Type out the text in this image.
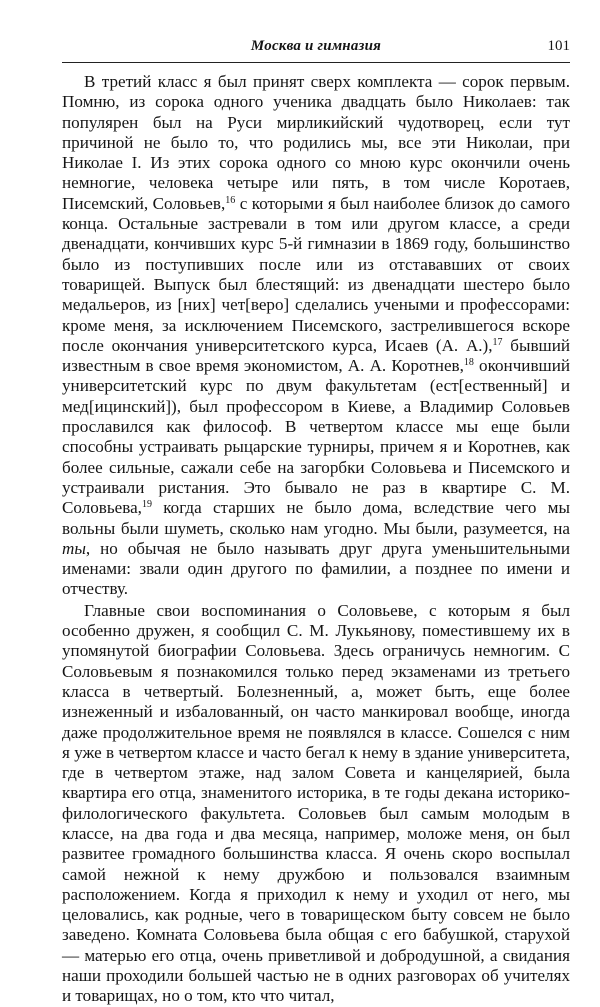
Москва и гимназия	101

В третий класс я был принят сверх комплекта — сорок первым. Помню, из сорока одного ученика двадцать было Николаев: так популярен был на Руси мирликийский чудотворец, если тут причиной не было то, что родились мы, все эти Николаи, при Николае I. Из этих сорока одного со мною курс окончили очень немногие, человека четыре или пять, в том числе Коротаев, Писемский, Соловьев,$^{16}$ с которыми я был наиболее близок до самого конца. Остальные застревали в том или другом классе, а среди двенадцати, кончивших курс 5-й гимназии в 1869 году, большинство было из поступивших после или из отстававших от своих товарищей. Выпуск был блестящий: из двенадцати шестеро было медальеров, из [них] чет[веро] сделались учеными и профессорами: кроме меня, за исключением Писемского, застрелившегося вскоре после окончания университетского курса, Исаев (А. А.),$^{17}$ бывший известным в свое время экономистом, А. А. Коротнев,$^{18}$ окончивший университетский курс по двум факультетам (ест[ественный] и мед[ицинский]), был профессором в Киеве, а Владимир Соловьев прославился как философ. В четвертом классе мы еще были способны устраивать рыцарские турниры, причем я и Коротнев, как более сильные, сажали себе на загорбки Соловьева и Писемского и устраивали ристания. Это бывало не раз в квартире С. М. Соловьева,$^{19}$ когда старших не было дома, вследствие чего мы вольны были шуметь, сколько нам угодно. Мы были, разумеется, на ты, но обычая не было называть друг друга уменьшительными именами: звали один другого по фамилии, а позднее по имени и отчеству.

Главные свои воспоминания о Соловьеве, с которым я был особенно дружен, я сообщил С. М. Лукьянову, поместившему их в упомянутой биографии Соловьева. Здесь ограничусь немногим. С Соловьевым я познакомился только перед экзаменами из третьего класса в четвертый. Болезненный, а, может быть, еще более изнеженный и избалованный, он часто манкировал вообще, иногда даже продолжительное время не появлялся в классе. Сошелся с ним я уже в четвертом классе и часто бегал к нему в здание университета, где в четвертом этаже, над залом Совета и канцелярией, была квартира его отца, знаменитого историка, в те годы декана историко-филологического факультета. Соловьев был самым молодым в классе, на два года и два месяца, например, моложе меня, он был развитее громадного большинства класса. Я очень скоро воспылал самой нежной к нему дружбою и пользовался взаимным расположением. Когда я приходил к нему и уходил от него, мы целовались, как родные, чего в товарищеском быту совсем не было заведено. Комната Соловьева была общая с его бабушкой, старухой — матерью его отца, очень приветливой и добродушной, а свидания наши проходили большей частью не в одних разговорах об учителях и товарищах, но о том, кто что читал,
